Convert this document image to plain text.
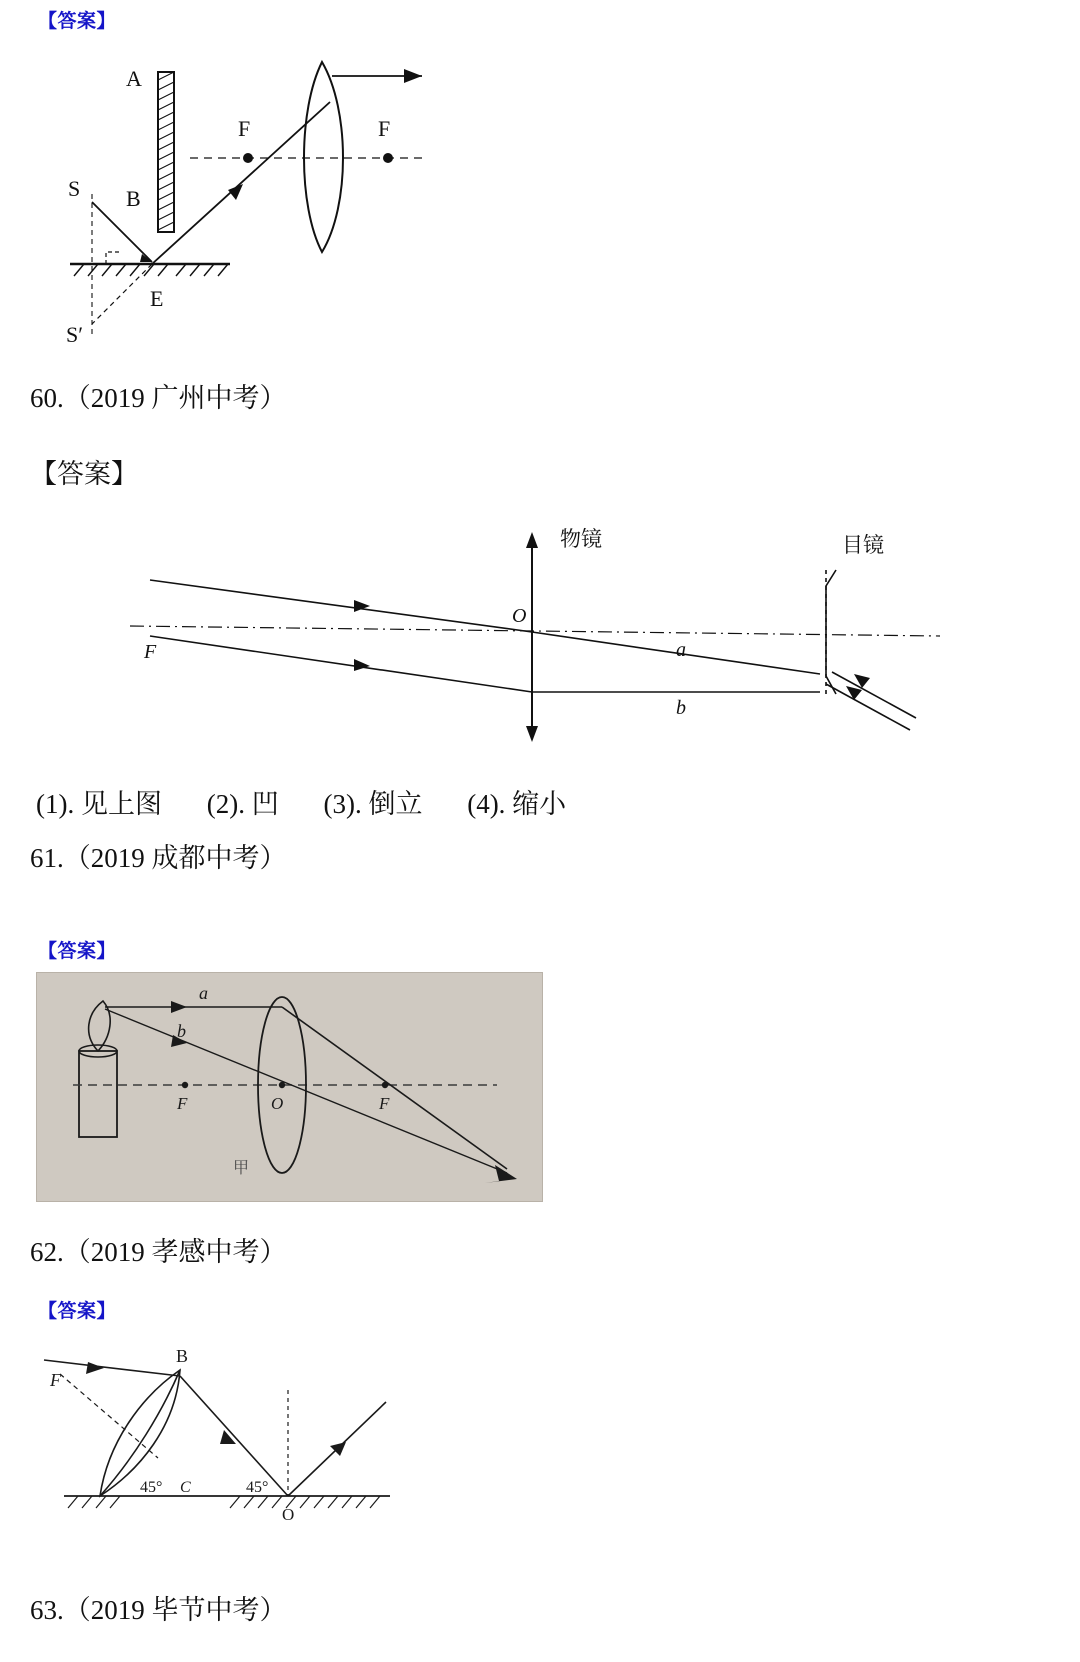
【答案】
A
B
S
S′
E
F	F
60.（2019 广州中考）
【答案】
物镜	目镜
O
F	a
b
(1). 见上图 (2). 凹 (3). 倒立 (4). 缩小
61.（2019 成都中考）
【答案】
a
b
F	O	F
甲
62.（2019 孝感中考）
【答案】
F
B
45° C	45°
O
63.（2019 毕节中考）
